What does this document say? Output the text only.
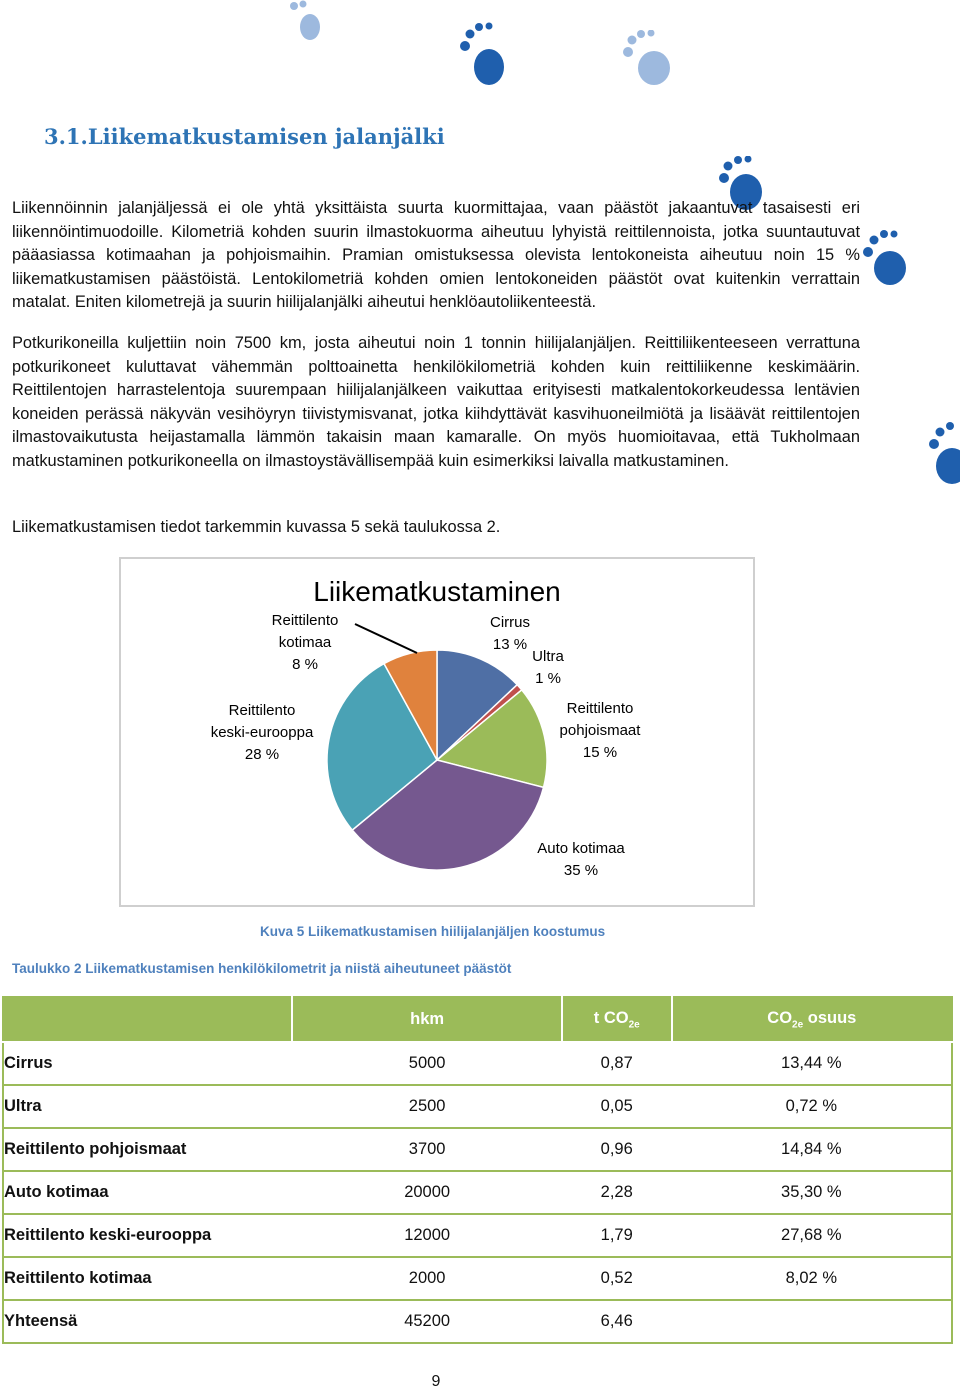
3.1.Liikematkustamisen jalanjälki

Liikennöinnin jalanjäljessä ei ole yhtä yksittäista suurta kuormittajaa, vaan päästöt jakaantuvat tasaisesti eri liikennöintimuodoille. Kilometriä kohden suurin ilmastokuorma aiheutuu lyhyistä reittilennoista, jotka suuntautuvat pääasiassa kotimaahan ja pohjoismaihin. Pramian omistuksessa olevista lentokoneista aiheutuu noin 15 % liikematkustamisen päästöistä. Lentokilometriä kohden omien lentokoneiden päästöt ovat kuitenkin verrattain matalat. Eniten kilometrejä ja suurin hiilijalanjälki aiheutui henklöautoliikenteestä.

Potkurikoneilla kuljettiin noin 7500 km, josta aiheutui noin 1 tonnin hiilijalanjäljen. Reittiliikenteeseen verrattuna potkurikoneet kuluttavat vähemmän polttoainetta henkilökilometriä kohden kuin reittiliikenne keskimäärin. Reittilentojen harrastelentoja suurempaan hiilijalanjälkeen vaikuttaa erityisesti matkalentokorkeudessa lentävien koneiden perässä näkyvän vesihöyryn tiivistymisvanat, jotka kiihdyttävät kasvihuoneilmiötä ja lisäävät reittilentojen ilmastovaikutusta heijastamalla lämmön takaisin maan kamaralle. On myös huomioitavaa, että Tukholmaan matkustaminen potkurikoneella on ilmastoystävällisempää kuin esimerkiksi laivalla matkustaminen.

Liikematkustamisen tiedot tarkemmin kuvassa 5 sekä taulukossa 2.

Liikematkustaminen
Reittilento
kotimaa
8 %
Cirrus
13 %
Ultra
1 %
Reittilento
pohjoismaat
15 %
Reittilento
keski-eurooppa
28 %
Auto kotimaa
35 %

Kuva 5 Liikematkustamisen hiilijalanjäljen koostumus

Taulukko 2 Liikematkustamisen henkilökilometrit ja niistä aiheutuneet päästöt

	hkm	t $CO_{2e}$	$CO_{2e}$ osuus
Cirrus	5000	0,87	13,44 %
Ultra	2500	0,05	0,72 %
Reittilento pohjoismaat	3700	0,96	14,84 %
Auto kotimaa	20000	2,28	35,30 %
Reittilento keski-eurooppa	12000	1,79	27,68 %
Reittilento kotimaa	2000	0,52	8,02 %
Yhteensä	45200	6,46	
9
